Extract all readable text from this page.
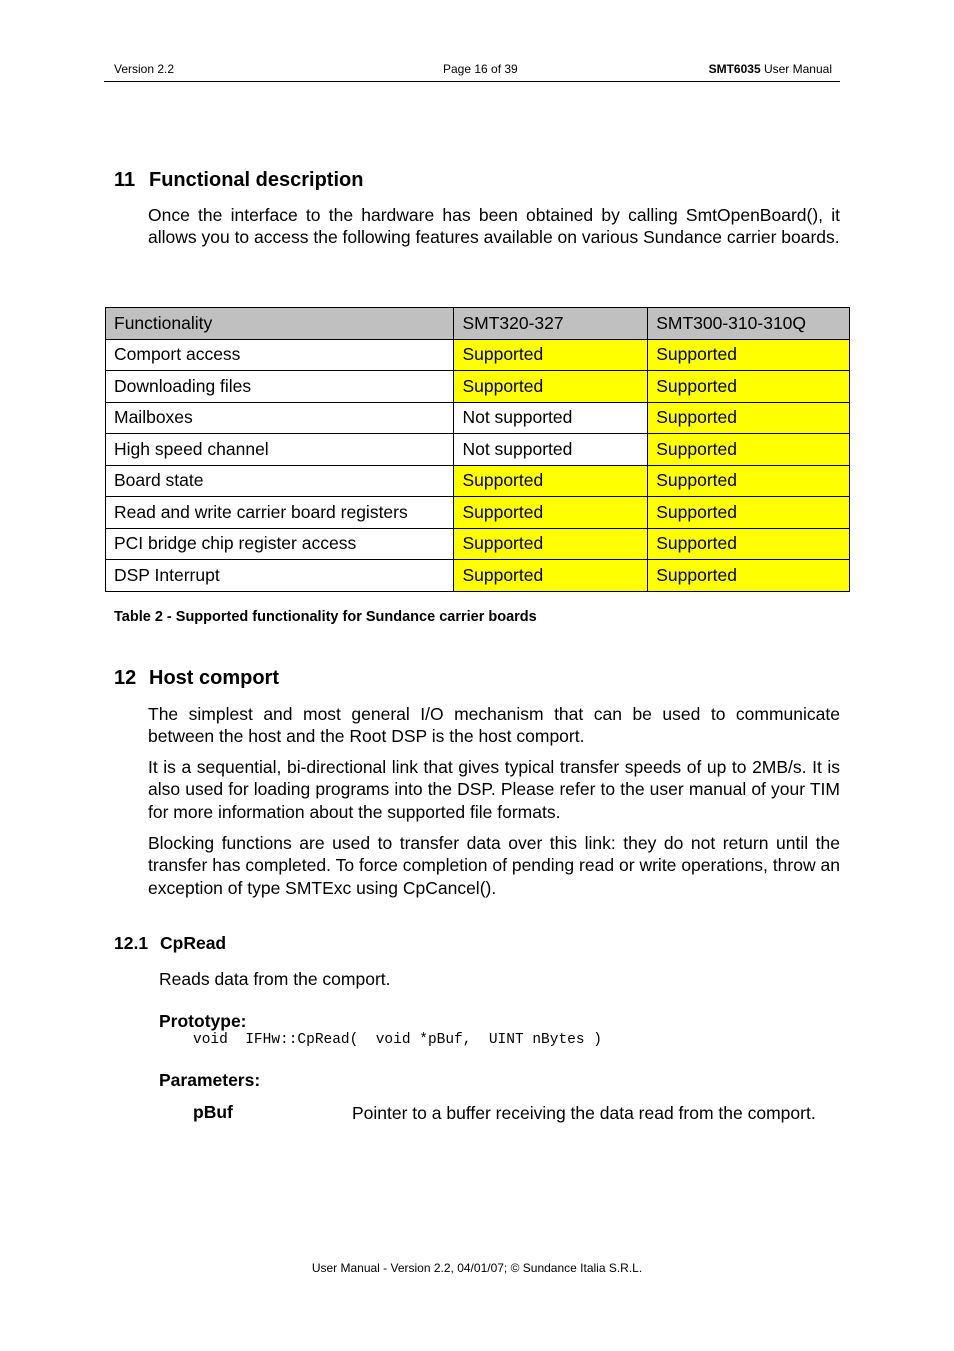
Version 2.2	Page 16 of 39	SMT6035 User Manual
11 Functional description

Once the interface to the hardware has been obtained by calling SmtOpenBoard(), it allows you to access the following features available on various Sundance carrier boards.

Functionality	SMT320-327	SMT300-310-310Q
Comport access	Supported	Supported
Downloading files	Supported	Supported
Mailboxes	Not supported	Supported
High speed channel	Not supported	Supported
Board state	Supported	Supported
Read and write carrier board registers	Supported	Supported
PCI bridge chip register access	Supported	Supported
DSP Interrupt	Supported	Supported
Table 2 - Supported functionality for Sundance carrier boards
12 Host comport

The simplest and most general I/O mechanism that can be used to communicate between the host and the Root DSP is the host comport.

It is a sequential, bi-directional link that gives typical transfer speeds of up to 2MB/s. It is also used for loading programs into the DSP. Please refer to the user manual of your TIM for more information about the supported file formats.

Blocking functions are used to transfer data over this link: they do not return until the transfer has completed. To force completion of pending read or write operations, throw an exception of type SMTExc using CpCancel().

12.1 CpRead
Reads data from the comport.
Prototype:
void  IFHw::CpRead(  void *pBuf,  UINT nBytes )
Parameters:
pBuf	Pointer to a buffer receiving the data read from the comport.

User Manual - Version 2.2, 04/01/07; © Sundance Italia S.R.L.
